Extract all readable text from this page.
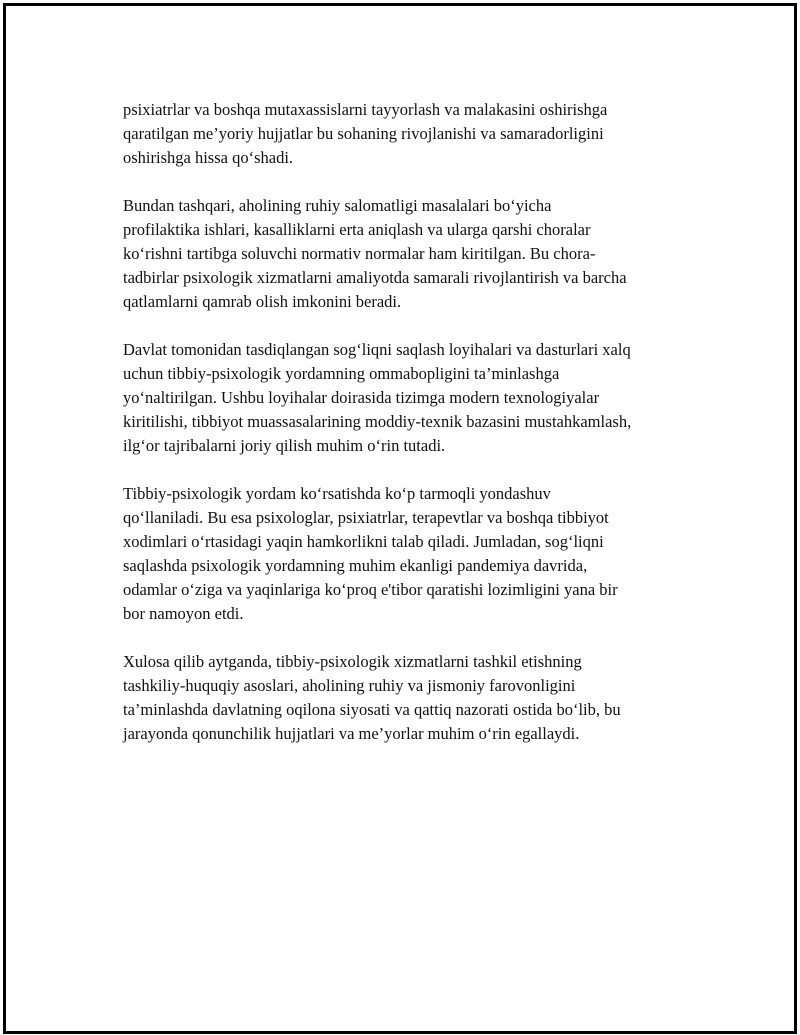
psixiatrlar va boshqa mutaxassislarni tayyorlash va malakasini oshirishga
qaratilgan me’yoriy hujjatlar bu sohaning rivojlanishi va samaradorligini
oshirishga hissa qo‘shadi.

Bundan tashqari, aholining ruhiy salomatligi masalalari bo‘yicha
profilaktika ishlari, kasalliklarni erta aniqlash va ularga qarshi choralar
ko‘rishni tartibga soluvchi normativ normalar ham kiritilgan. Bu chora-
tadbirlar psixologik xizmatlarni amaliyotda samarali rivojlantirish va barcha
qatlamlarni qamrab olish imkonini beradi.

Davlat tomonidan tasdiqlangan sog‘liqni saqlash loyihalari va dasturlari xalq
uchun tibbiy-psixologik yordamning ommabopligini ta’minlashga
yo‘naltirilgan. Ushbu loyihalar doirasida tizimga modern texnologiyalar
kiritilishi, tibbiyot muassasalarining moddiy-texnik bazasini mustahkamlash,
ilg‘or tajribalarni joriy qilish muhim o‘rin tutadi.

Tibbiy-psixologik yordam ko‘rsatishda ko‘p tarmoqli yondashuv
qo‘llaniladi. Bu esa psixologlar, psixiatrlar, terapevtlar va boshqa tibbiyot
xodimlari o‘rtasidagi yaqin hamkorlikni talab qiladi. Jumladan, sog‘liqni
saqlashda psixologik yordamning muhim ekanligi pandemiya davrida,
odamlar o‘ziga va yaqinlariga ko‘proq e'tibor qaratishi lozimligini yana bir
bor namoyon etdi.

Xulosa qilib aytganda, tibbiy-psixologik xizmatlarni tashkil etishning
tashkiliy-huquqiy asoslari, aholining ruhiy va jismoniy farovonligini
ta’minlashda davlatning oqilona siyosati va qattiq nazorati ostida bo‘lib, bu
jarayonda qonunchilik hujjatlari va me’yorlar muhim o‘rin egallaydi.
